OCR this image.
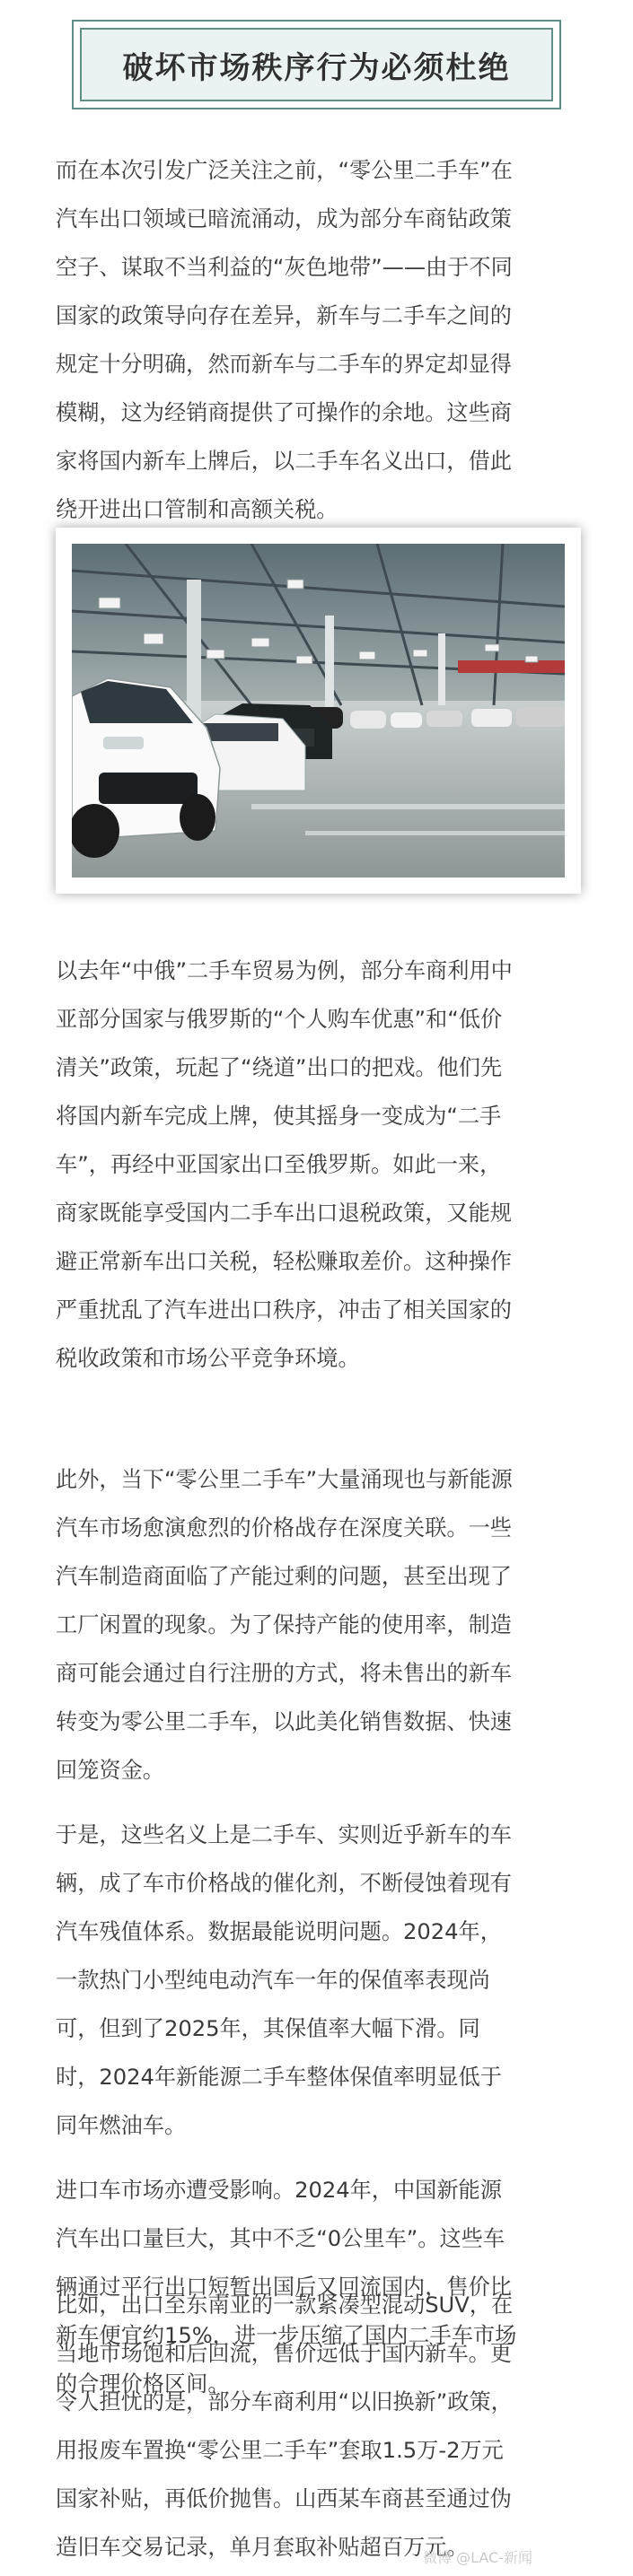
破坏市场秩序行为必须杜绝
而在本次引发广泛关注之前，“零公里二手车”在
汽车出口领域已暗流涌动，成为部分车商钻政策
空子、谋取不当利益的“灰色地带”——由于不同
国家的政策导向存在差异，新车与二手车之间的
规定十分明确，然而新车与二手车的界定却显得
模糊，这为经销商提供了可操作的余地。这些商
家将国内新车上牌后，以二手车名义出口，借此
绕开进出口管制和高额关税。
以去年“中俄”二手车贸易为例，部分车商利用中
亚部分国家与俄罗斯的“个人购车优惠”和“低价
清关”政策，玩起了“绕道”出口的把戏。他们先
将国内新车完成上牌，使其摇身一变成为“二手
车”，再经中亚国家出口至俄罗斯。如此一来，
商家既能享受国内二手车出口退税政策，又能规
避正常新车出口关税，轻松赚取差价。这种操作
严重扰乱了汽车进出口秩序，冲击了相关国家的
税收政策和市场公平竞争环境。
此外，当下“零公里二手车”大量涌现也与新能源
汽车市场愈演愈烈的价格战存在深度关联。一些
汽车制造商面临了产能过剩的问题，甚至出现了
工厂闲置的现象。为了保持产能的使用率，制造
商可能会通过自行注册的方式，将未售出的新车
转变为零公里二手车，以此美化销售数据、快速
回笼资金。
于是，这些名义上是二手车、实则近乎新车的车
辆，成了车市价格战的催化剂，不断侵蚀着现有
汽车残值体系。数据最能说明问题。2024年，
一款热门小型纯电动汽车一年的保值率表现尚
可，但到了2025年，其保值率大幅下滑。同
时，2024年新能源二手车整体保值率明显低于
同年燃油车。
进口车市场亦遭受影响。2024年，中国新能源
汽车出口量巨大，其中不乏“0公里车”。这些车
辆通过平行出口短暂出国后又回流国内，售价比
新车便宜约15%，进一步压缩了国内二手车市场
的合理价格区间。
比如，出口至东南亚的一款紧凑型混动SUV，在
当地市场饱和后回流，售价远低于国内新车。更
令人担忧的是，部分车商利用“以旧换新”政策，
用报废车置换“零公里二手车”套取1.5万-2万元
国家补贴，再低价抛售。山西某车商甚至通过伪
造旧车交易记录，单月套取补贴超百万元。
微博 @LAC-新闻
